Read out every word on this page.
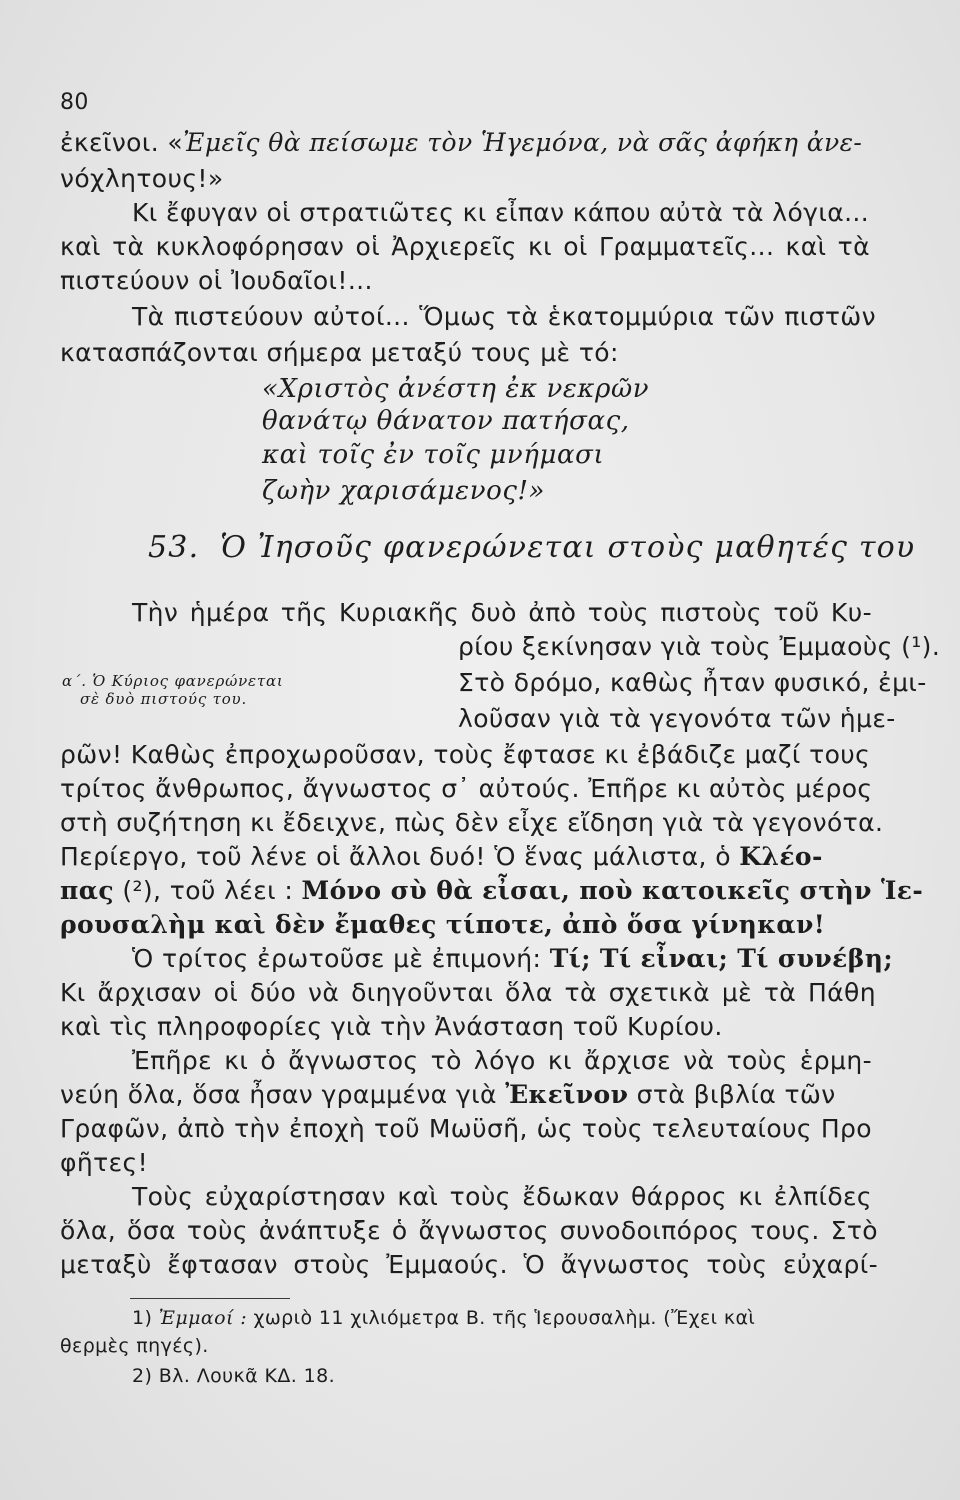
80
ἐκεῖνοι. «Ἐμεῖς θὰ πείσωμε τὸν Ἡγεμόνα, νὰ σᾶς ἀφήκη ἀνε-
νόχλητους!»
Κι ἔφυγαν οἱ στρατιῶτες κι εἶπαν κάπου αὐτὰ τὰ λόγια...
καὶ τὰ κυκλοφόρησαν οἱ Ἀρχιερεῖς κι οἱ Γραμματεῖς... καὶ τὰ
πιστεύουν οἱ Ἰουδαῖοι!...
Τὰ πιστεύουν αὐτοί... Ὅμως τὰ ἑκατομμύρια τῶν πιστῶν
κατασπάζονται σήμερα μεταξύ τους μὲ τό:
«Χριστὸς ἀνέστη ἐκ νεκρῶν
θανάτῳ θάνατον πατήσας,
καὶ τοῖς ἐν τοῖς μνήμασι
ζωὴν χαρισάμενος!»
53. Ὁ Ἰησοῦς φανερώνεται στοὺς μαθητές του
Τὴν ἡμέρα τῆς Κυριακῆς δυὸ ἀπὸ τοὺς πιστοὺς τοῦ Κυ-
ρίου ξεκίνησαν γιὰ τοὺς Ἐμμαοὺς (¹).
α΄. Ὁ Κύριος φανερώνεται
σὲ δυὸ πιστούς του.
Στὸ δρόμο, καθὼς ἦταν φυσικό, ἐμι-
λοῦσαν γιὰ τὰ γεγονότα τῶν ἡμε-
ρῶν! Καθὼς ἐπροχωροῦσαν, τοὺς ἔφτασε κι ἐβάδιζε μαζί τους
τρίτος ἄνθρωπος, ἄγνωστος σ᾽ αὐτούς. Ἐπῆρε κι αὐτὸς μέρος
στὴ συζήτηση κι ἔδειχνε, πὼς δὲν εἶχε εἴδηση γιὰ τὰ γεγονότα.
Περίεργο, τοῦ λένε οἱ ἄλλοι δυό! Ὁ ἕνας μάλιστα, ὁ Κλέο-
πας (²), τοῦ λέει : Μόνο σὺ θὰ εἶσαι, ποὺ κατοικεῖς στὴν Ἱε-
ρουσαλὴμ καὶ δὲν ἔμαθες τίποτε, ἀπὸ ὅσα γίνηκαν!
Ὁ τρίτος ἐρωτοῦσε μὲ ἐπιμονή: Τί; Τί εἶναι; Τί συνέβη;
Κι ἄρχισαν οἱ δύο νὰ διηγοῦνται ὅλα τὰ σχετικὰ μὲ τὰ Πάθη
καὶ τὶς πληροφορίες γιὰ τὴν Ἀνάσταση τοῦ Κυρίου.
Ἐπῆρε κι ὁ ἄγνωστος τὸ λόγο κι ἄρχισε νὰ τοὺς ἑρμη-
νεύη ὅλα, ὅσα ἦσαν γραμμένα γιὰ Ἐκεῖνον στὰ βιβλία τῶν
Γραφῶν, ἀπὸ τὴν ἐποχὴ τοῦ Μωϋσῆ, ὡς τοὺς τελευταίους Προ
φῆτες!
Τοὺς εὐχαρίστησαν καὶ τοὺς ἔδωκαν θάρρος κι ἐλπίδες
ὅλα, ὅσα τοὺς ἀνάπτυξε ὁ ἄγνωστος συνοδοιπόρος τους. Στὸ
μεταξὺ ἔφτασαν στοὺς Ἐμμαούς. Ὁ ἄγνωστος τοὺς εὐχαρί-
1) Ἐμμαοί : χωριὸ 11 χιλιόμετρα Β. τῆς Ἱερουσαλὴμ. (Ἔχει καὶ
θερμὲς πηγές).
2) Βλ. Λουκᾶ ΚΔ. 18.
